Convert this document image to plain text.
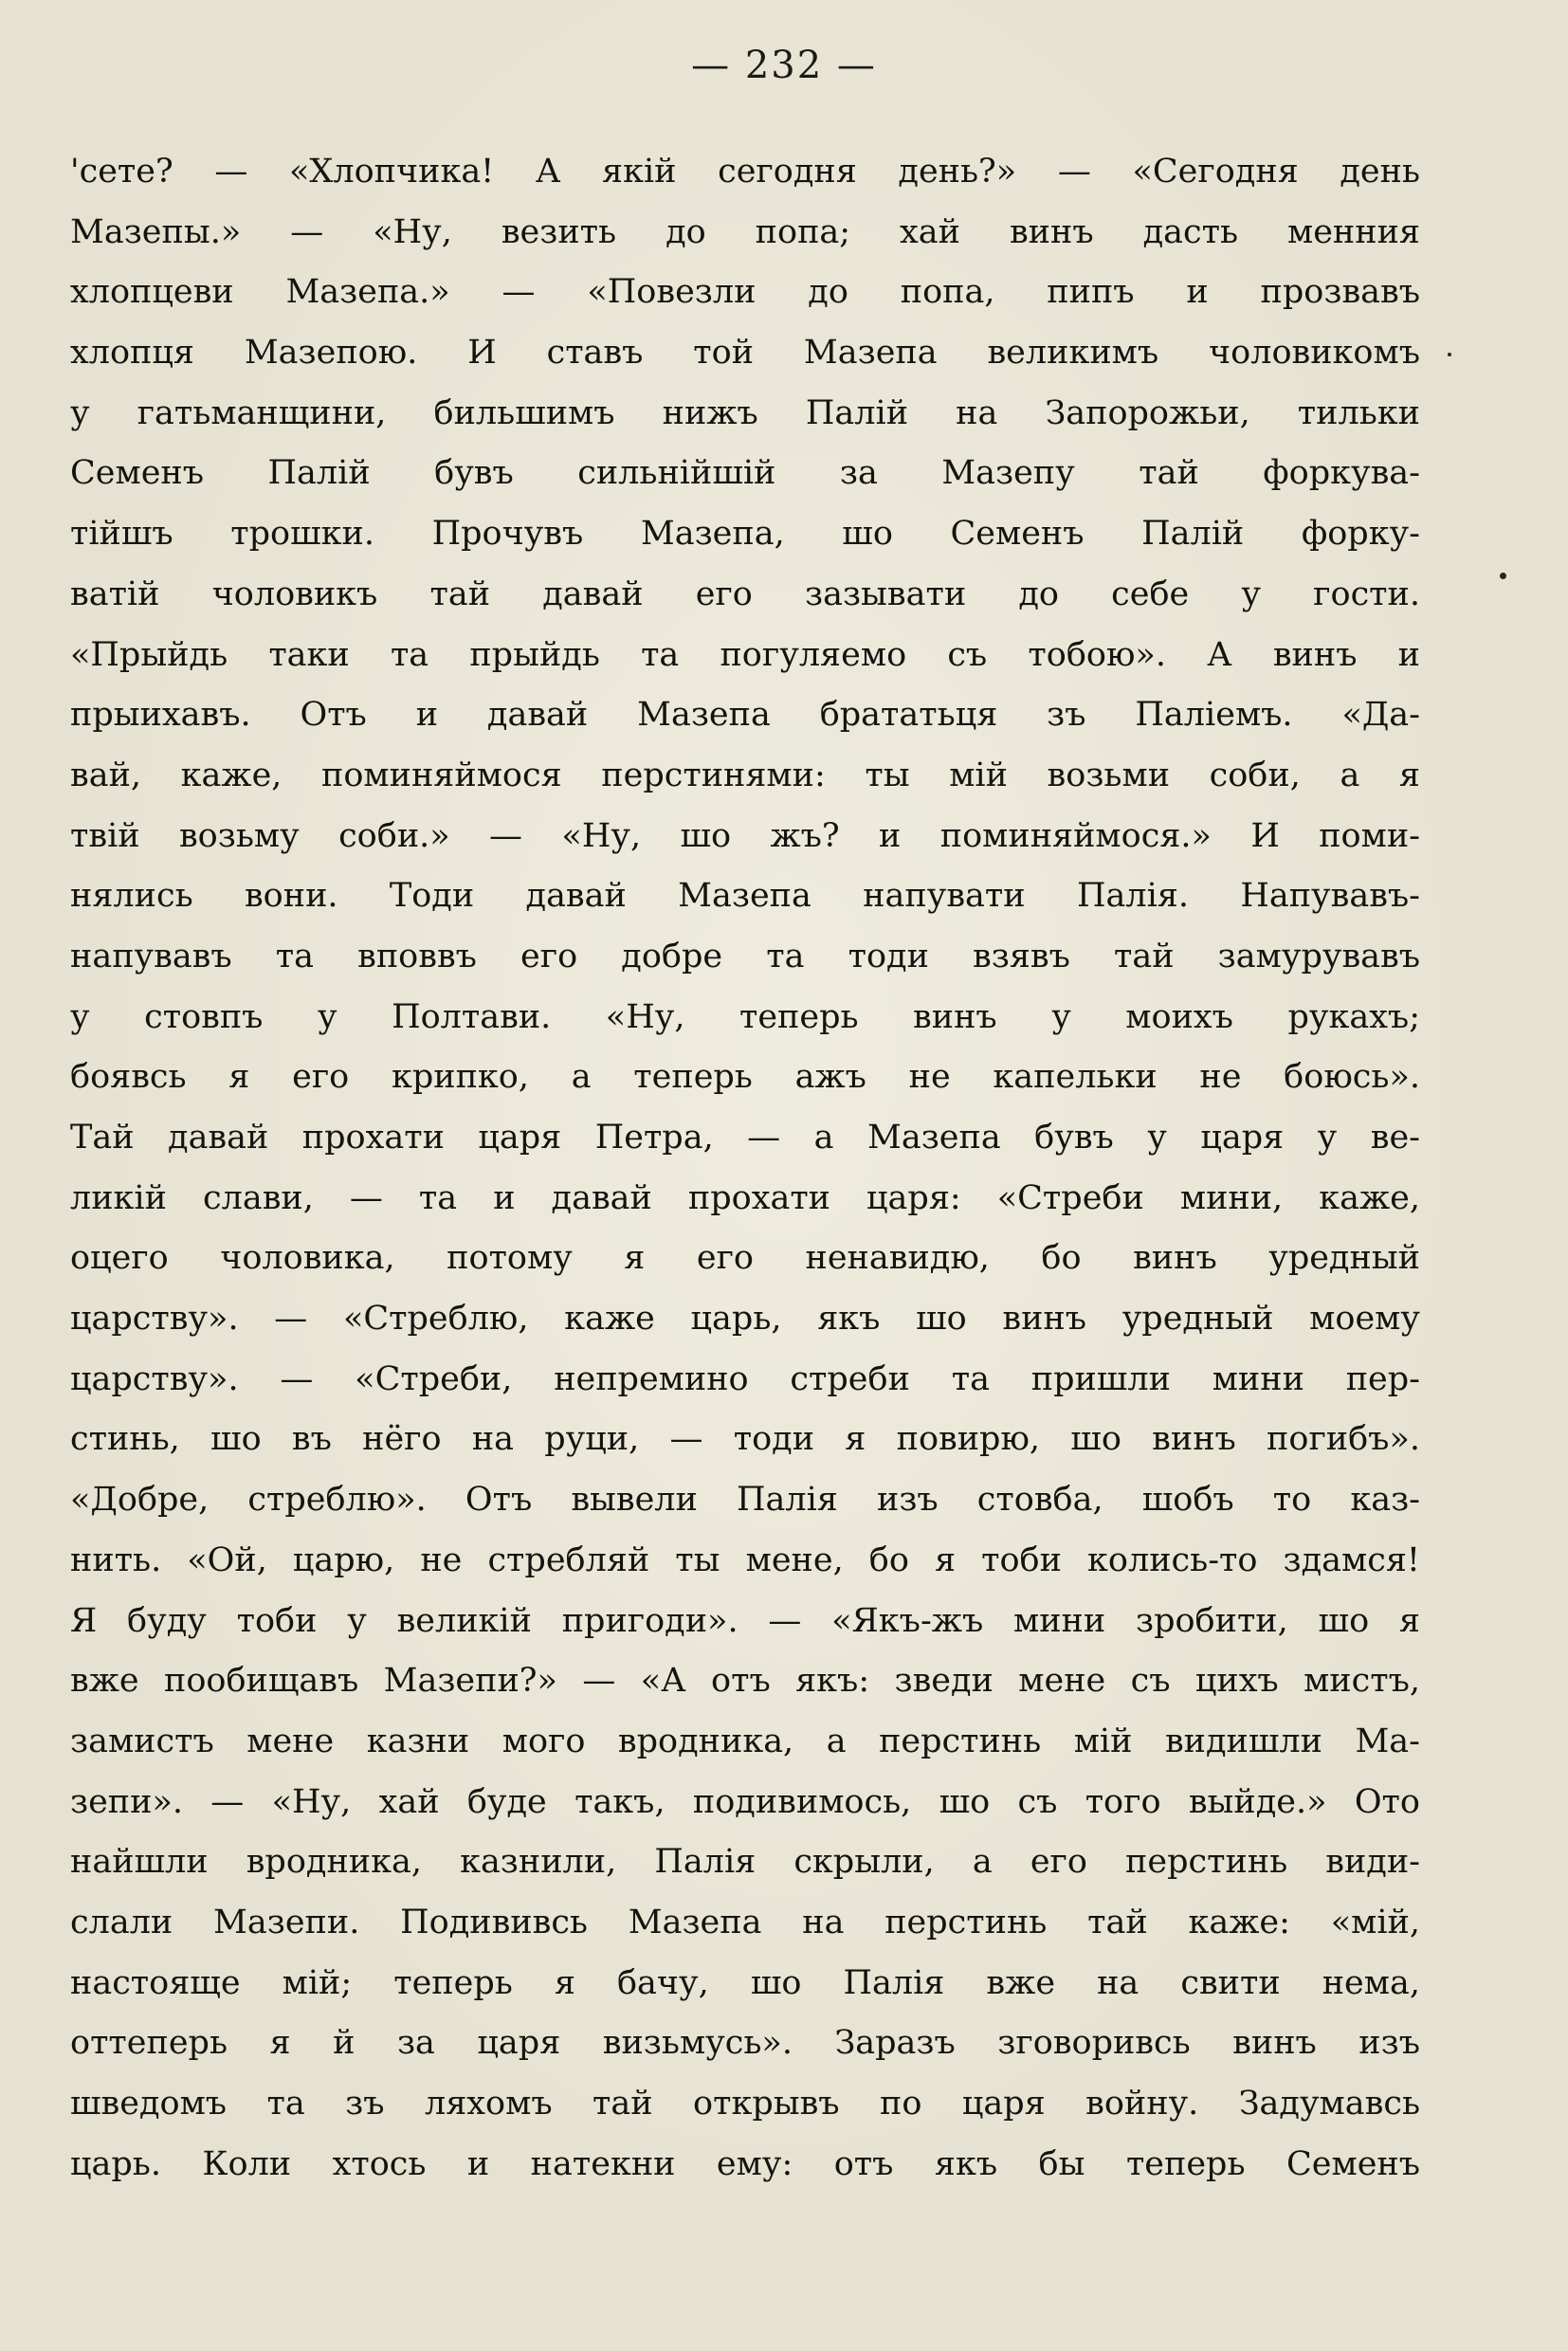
— 232 —
'сете? — «Хлопчика! А якій сегодня день?» — «Сегодня день
Мазепы.» — «Ну, везить до попа; хай винъ дасть менния
хлопцеви Мазепа.» — «Повезли до попа, пипъ и прозвавъ
хлопця Мазепою. И ставъ той Мазепа великимъ чоловикомъ
у гатьманщини, бильшимъ нижъ Палій на Запорожьи, тильки
Семенъ Палій бувъ сильнійшій за Мазепу тай форкува-
тійшъ трошки. Прочувъ Мазепа, шо Семенъ Палій форку-
ватій чоловикъ тай давай его зазывати до себе у гости.
«Прыйдь таки та прыйдь та погуляемо съ тобою». А винъ и
прыихавъ. Отъ и давай Мазепа брататьця зъ Паліемъ. «Да-
вай, каже, поминяймося перстинями: ты мій возьми соби, а я
твій возьму соби.» — «Ну, шо жъ? и поминяймося.» И поми-
нялись вони. Тоди давай Мазепа напувати Палія. Напувавъ-
напувавъ та вповвъ его добре та тоди взявъ тай замурувавъ
у стовпъ у Полтави. «Ну, теперь винъ у моихъ рукахъ;
боявсь я его крипко, а теперь ажъ не капельки не боюсь».
Тай давай прохати царя Петра, — а Мазепа бувъ у царя у ве-
ликій слави, — та и давай прохати царя: «Стреби мини, каже,
оцего чоловика, потому я его ненавидю, бо винъ уредный
царству». — «Стреблю, каже царь, якъ шо винъ уредный моему
царству». — «Стреби, непремино стреби та пришли мини пер-
стинь, шо въ нёго на руци, — тоди я повирю, шо винъ погибъ».
«Добре, стреблю». Отъ вывели Палія изъ стовба, шобъ то каз-
нить. «Ой, царю, не стребляй ты мене, бо я тоби колись-то здамся!
Я буду тоби у великій пригоди». — «Якъ-жъ мини зробити, шо я
вже пообищавъ Мазепи?» — «А отъ якъ: зведи мене съ цихъ мистъ,
замистъ мене казни мого вродника, а перстинь мій видишли Ма-
зепи». — «Ну, хай буде такъ, подивимось, шо съ того выйде.» Ото
найшли вродника, казнили, Палія скрыли, а его перстинь види-
слали Мазепи. Подививсь Мазепа на перстинь тай каже: «мій,
настояще мій; теперь я бачу, шо Палія вже на свити нема,
оттеперь я й за царя визьмусь». Заразъ зговоривсь винъ изъ
шведомъ та зъ ляхомъ тай открывъ по царя войну. Задумавсь
царь. Коли хтось и натекни ему: отъ якъ бы теперь Семенъ
